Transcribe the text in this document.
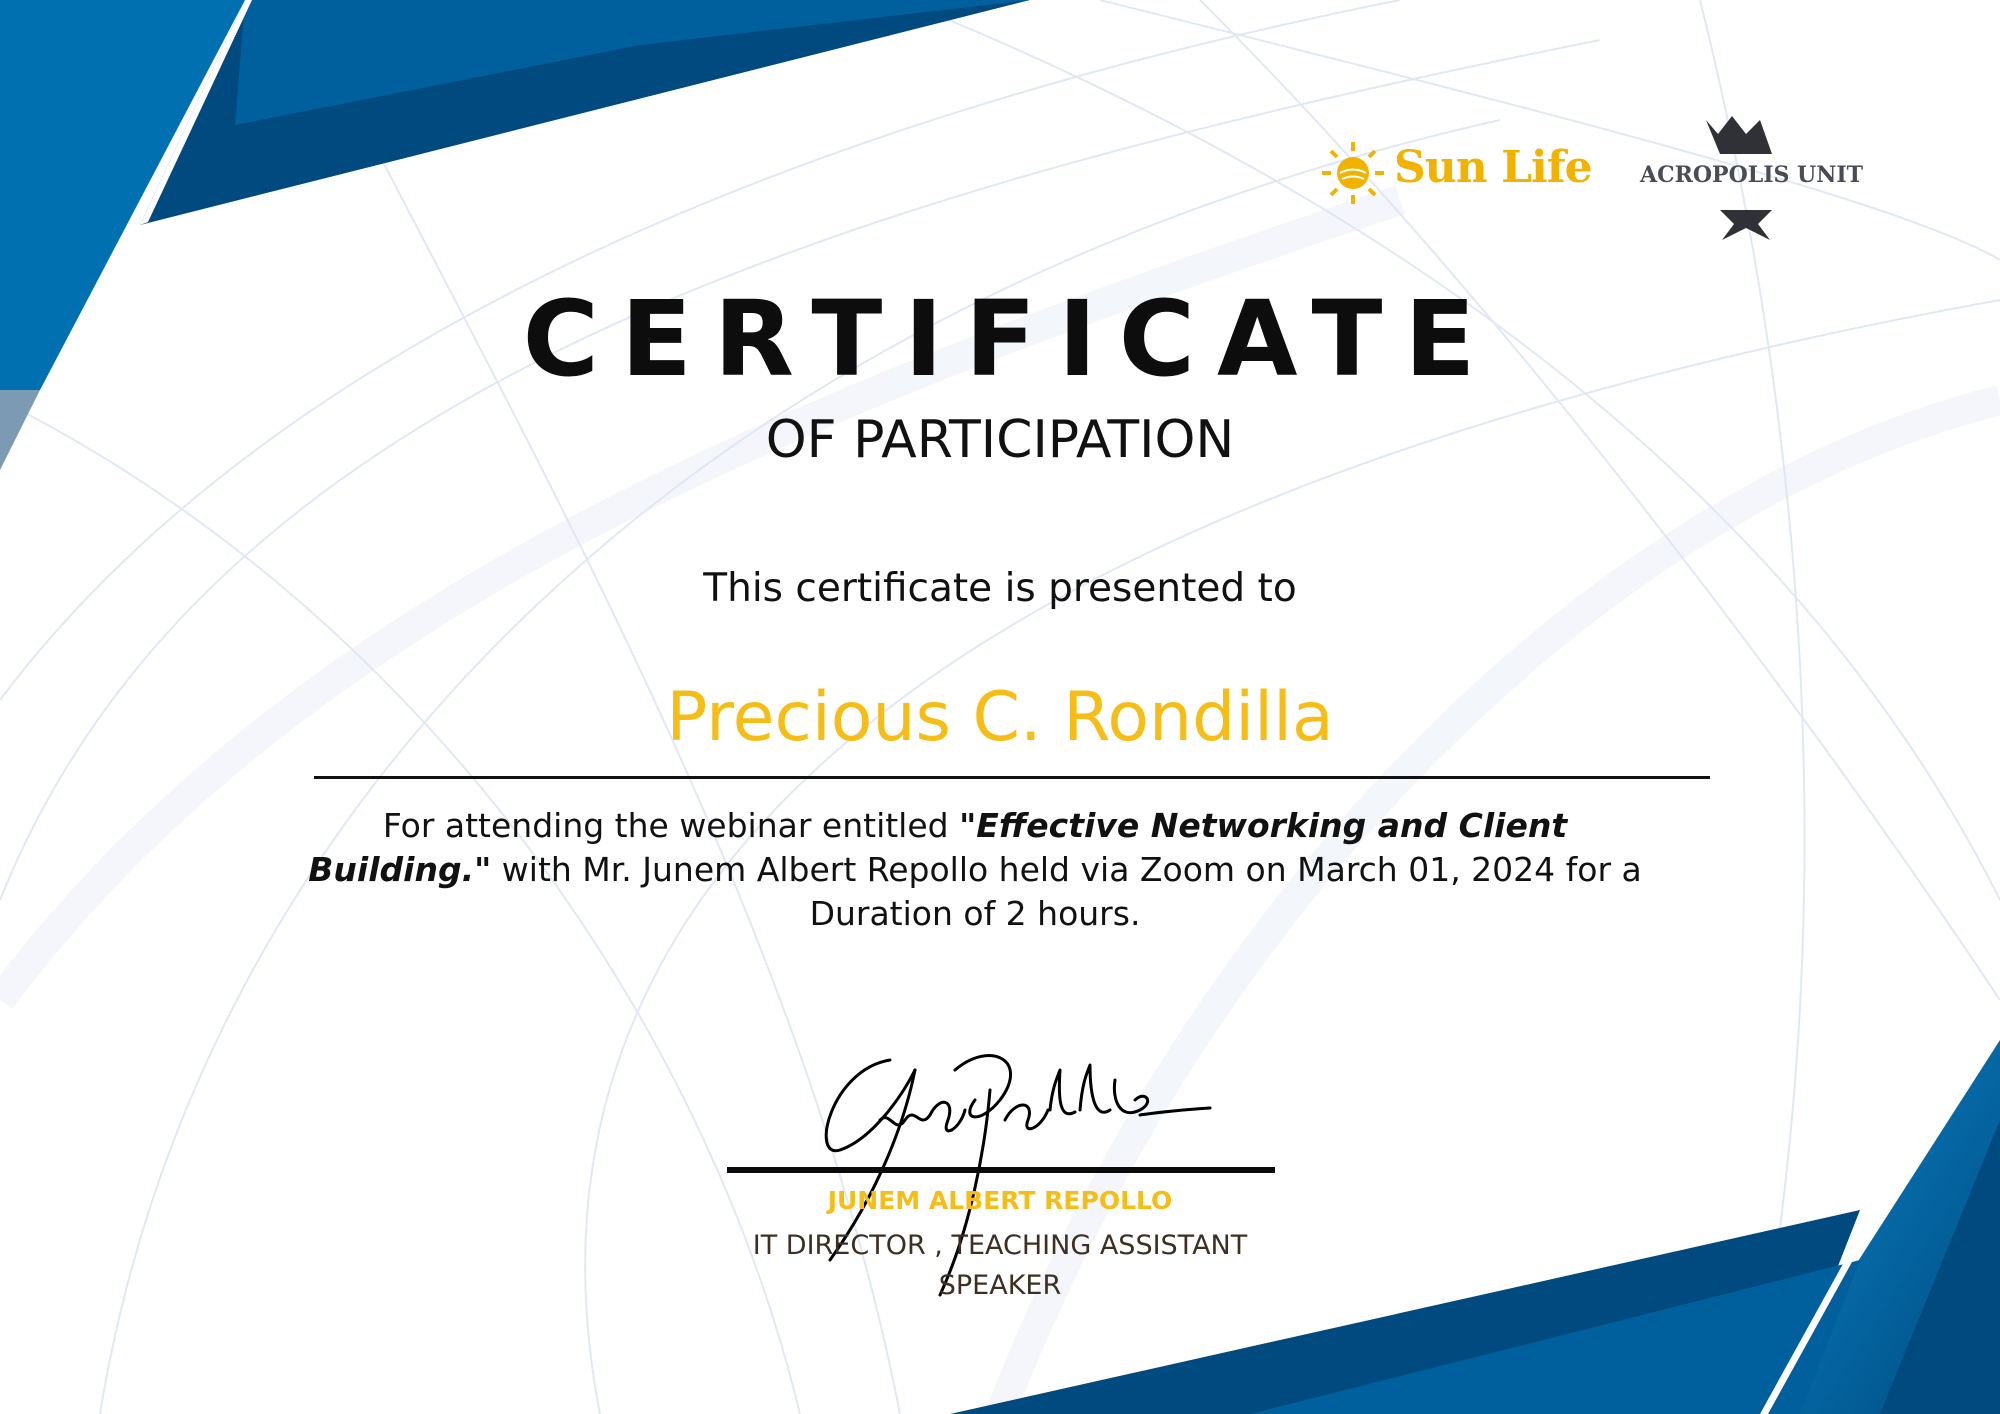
Sun Life ACROPOLIS UNIT
CERTIFICATE
OF PARTICIPATION
This certificate is presented to
Precious C. Rondilla
For attending the webinar entitled "Effective Networking and Client Building." with Mr. Junem Albert Repollo held via Zoom on March 01, 2024 for a Duration of 2 hours.
JUNEM ALBERT REPOLLO
IT DIRECTOR , TEACHING ASSISTANT
SPEAKER
